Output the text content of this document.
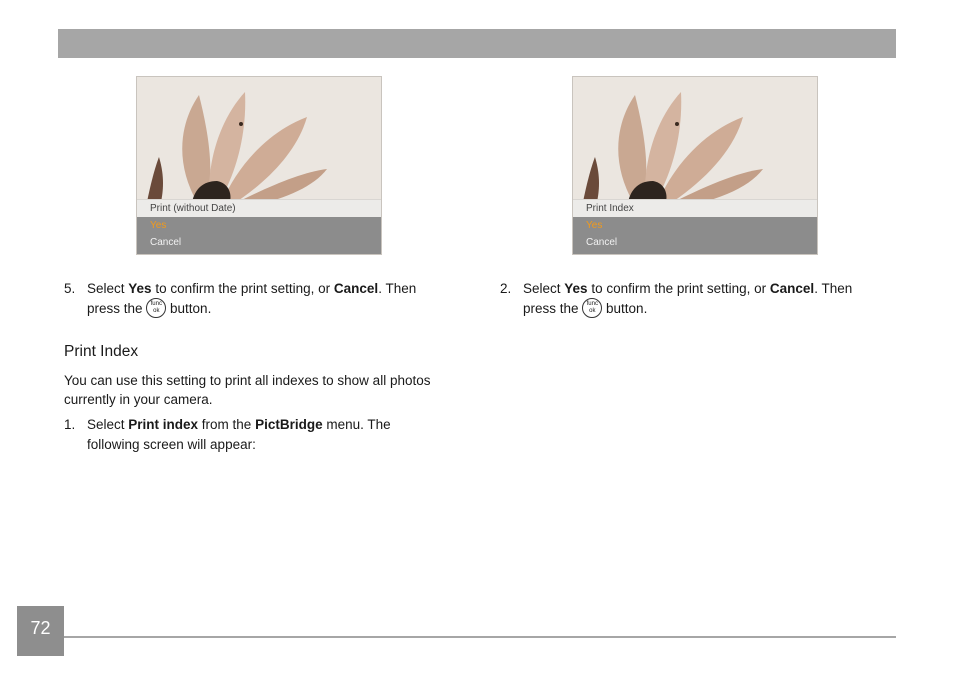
Print (without Date)
Yes
Cancel
Print Index
Yes
Cancel
5. Select Yes to confirm the print setting, or Cancel. Then
press the func
ok button.
Print Index
You can use this setting to print all indexes to show all photos
currently in your camera.
1. Select Print index from the PictBridge menu. The
following screen will appear:
2. Select Yes to confirm the print setting, or Cancel. Then
press the func
ok button.
72
